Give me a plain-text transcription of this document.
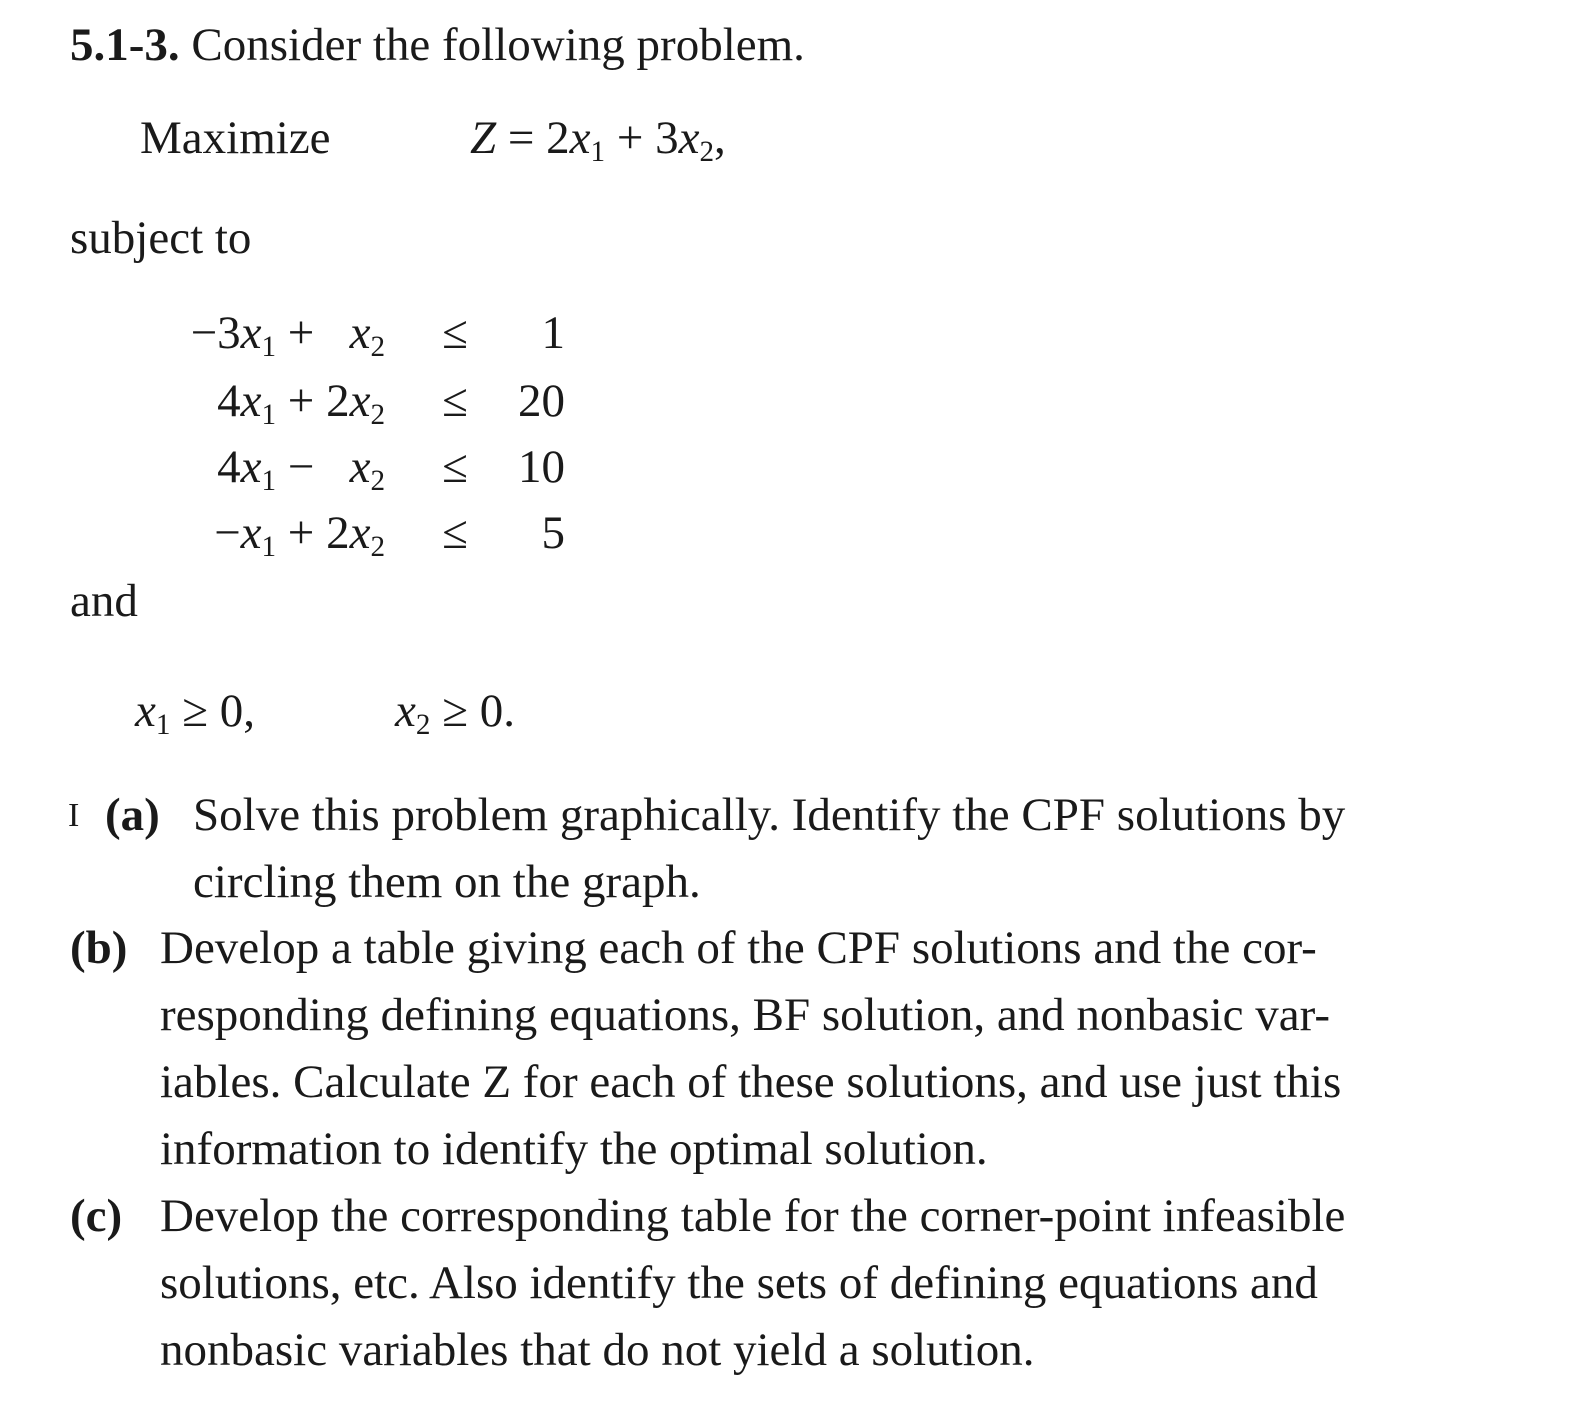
5.1-3. Consider the following problem.
Maximize	$Z = 2x_1 + 3x_2$,
subject to
$-3x_1 + x_2$ ≤	1
$4x_1 + 2x_2$ ≤	20
$4x_1 - x_2$ ≤	10
$-x_1 + 2x_2$ ≤	5
and
$x_1 \ge 0$,	$x_2 \ge 0$.
I (a) Solve this problem graphically. Identify the CPF solutions by
circling them on the graph.
(b) Develop a table giving each of the CPF solutions and the cor-
responding defining equations, BF solution, and nonbasic var-
iables. Calculate Z for each of these solutions, and use just this
information to identify the optimal solution.
(c) Develop the corresponding table for the corner-point infeasible
solutions, etc. Also identify the sets of defining equations and
nonbasic variables that do not yield a solution.
